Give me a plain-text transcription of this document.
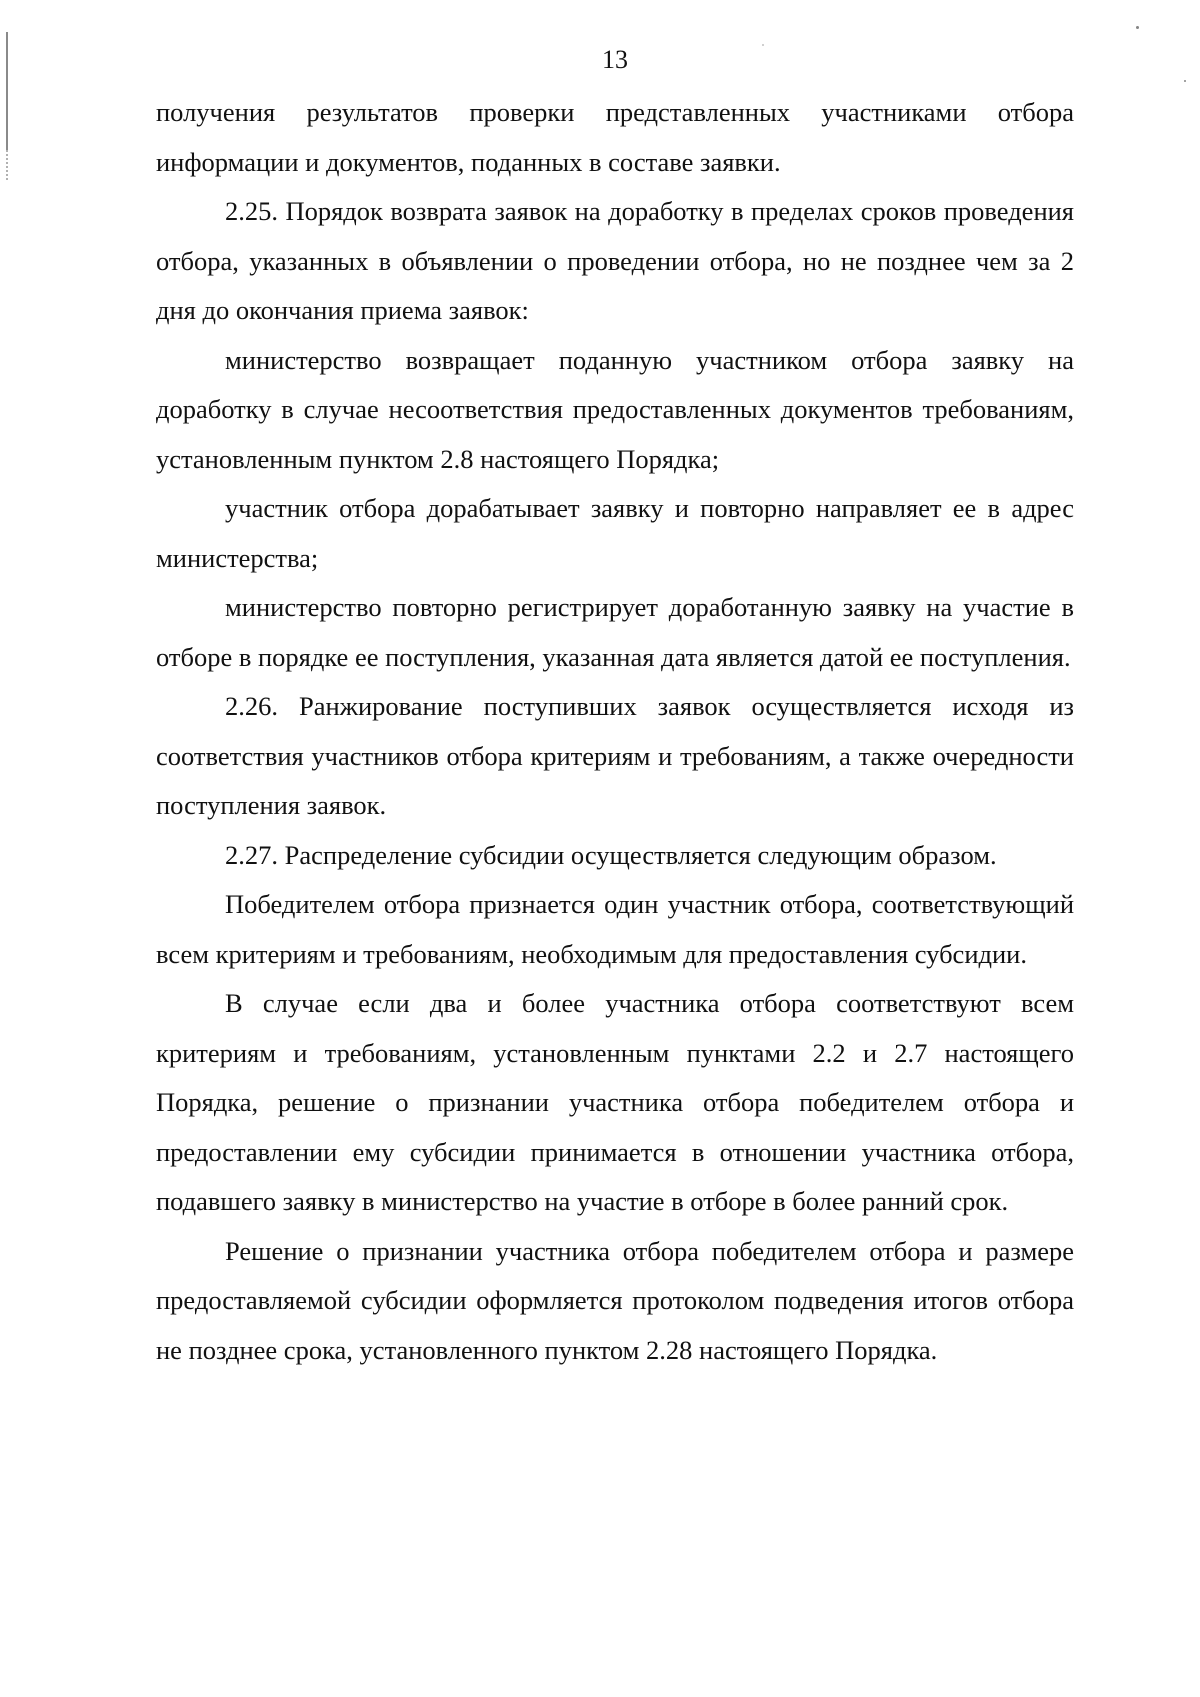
13

получения результатов проверки представленных участниками отбора информации и документов, поданных в составе заявки.

2.25. Порядок возврата заявок на доработку в пределах сроков проведения отбора, указанных в объявлении о проведении отбора, но не позднее чем за 2 дня до окончания приема заявок:

министерство возвращает поданную участником отбора заявку на доработку в случае несоответствия предоставленных документов требованиям, установленным пунктом 2.8 настоящего Порядка;

участник отбора дорабатывает заявку и повторно направляет ее в адрес министерства;

министерство повторно регистрирует доработанную заявку на участие в отборе в порядке ее поступления, указанная дата является датой ее поступления.

2.26. Ранжирование поступивших заявок осуществляется исходя из соответствия участников отбора критериям и требованиям, а также очередности поступления заявок.

2.27. Распределение субсидии осуществляется следующим образом.

Победителем отбора признается один участник отбора, соответствующий всем критериям и требованиям, необходимым для предоставления субсидии.

В случае если два и более участника отбора соответствуют всем критериям и требованиям, установленным пунктами 2.2 и 2.7 настоящего Порядка, решение о признании участника отбора победителем отбора и предоставлении ему субсидии принимается в отношении участника отбора, подавшего заявку в министерство на участие в отборе в более ранний срок.

Решение о признании участника отбора победителем отбора и размере предоставляемой субсидии оформляется протоколом подведения итогов отбора не позднее срока, установленного пунктом 2.28 настоящего Порядка.
